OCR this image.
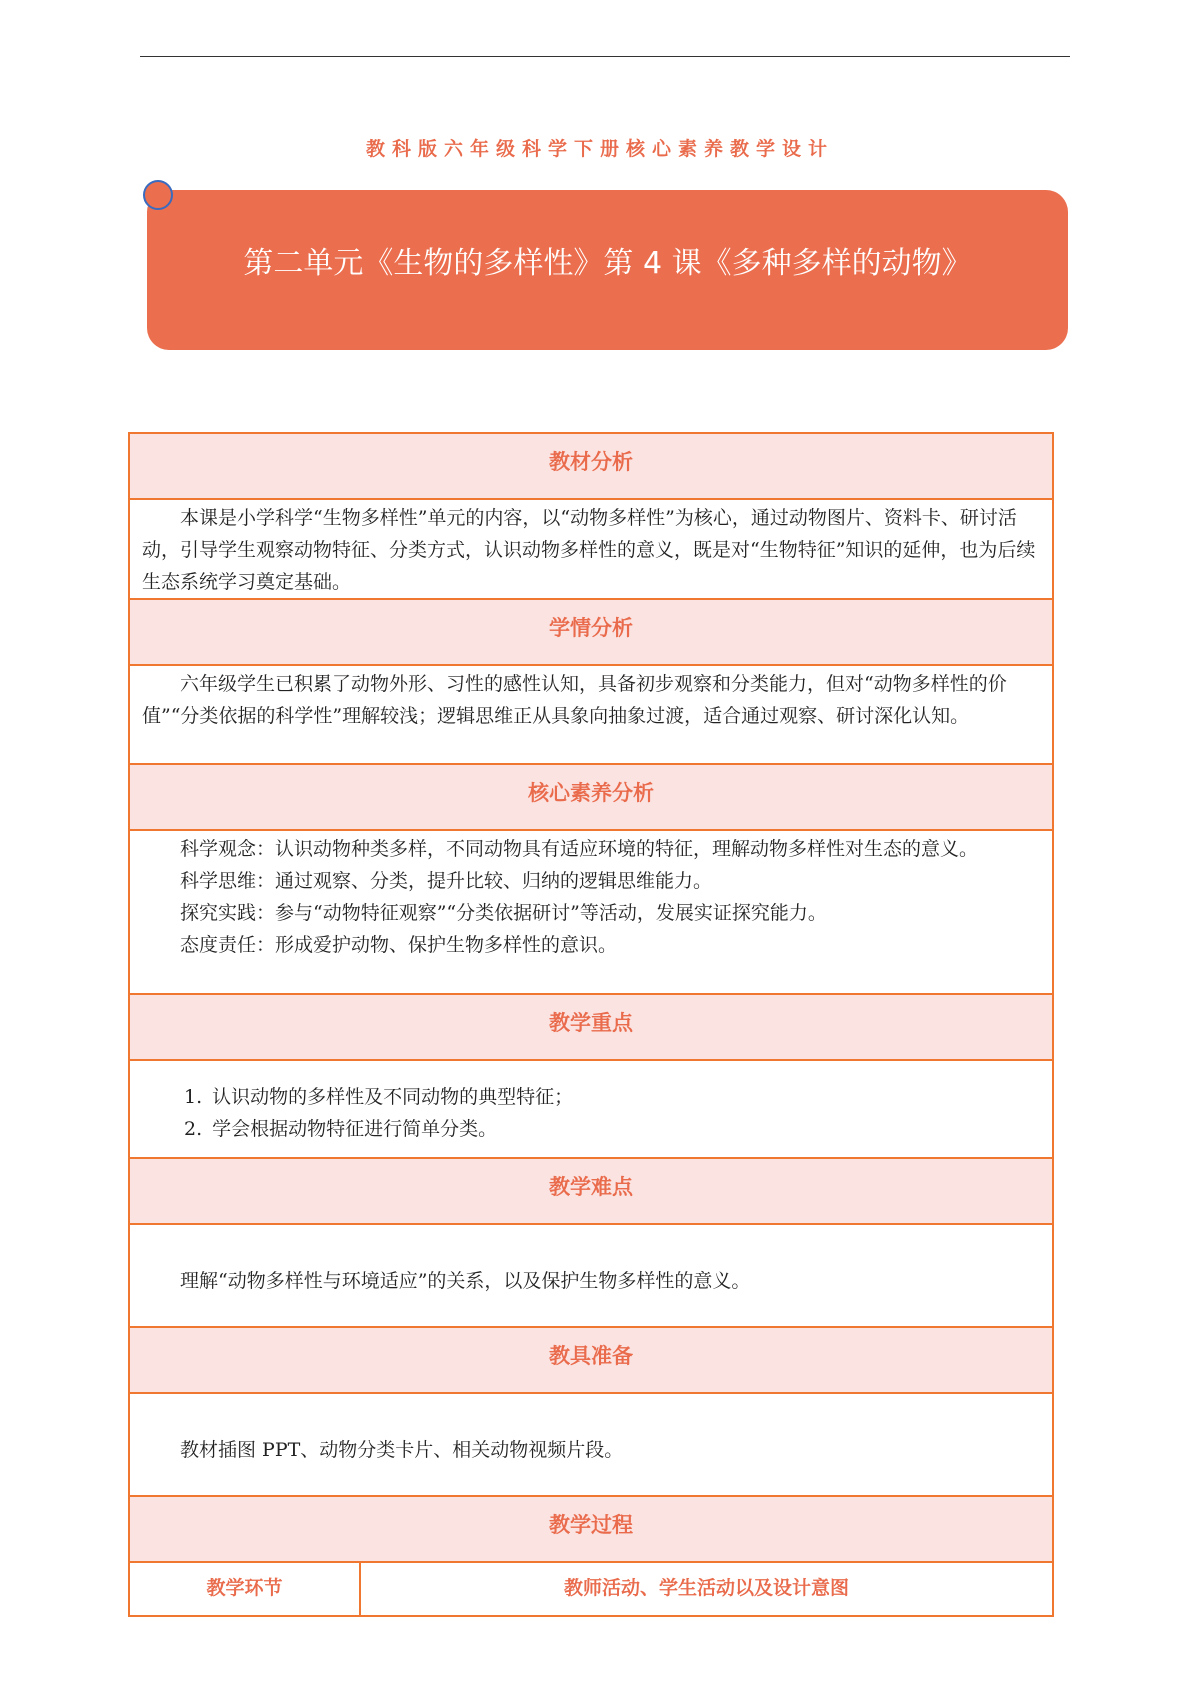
教科版六年级科学下册核心素养教学设计
第二单元《生物的多样性》第 4 课《多种多样的动物》
教材分析

本课是小学科学“生物多样性”单元的内容，以“动物多样性”为核心，通过动物图片、资料卡、研讨活动，引导学生观察动物特征、分类方式，认识动物多样性的意义，既是对“生物特征”知识的延伸，也为后续生态系统学习奠定基础。

学情分析

六年级学生已积累了动物外形、习性的感性认知，具备初步观察和分类能力，但对“动物多样性的价值”“分类依据的科学性”理解较浅；逻辑思维正从具象向抽象过渡，适合通过观察、研讨深化认知。

核心素养分析

科学观念：认识动物种类多样，不同动物具有适应环境的特征，理解动物多样性对生态的意义。

科学思维：通过观察、分类，提升比较、归纳的逻辑思维能力。

探究实践：参与“动物特征观察”“分类依据研讨”等活动，发展实证探究能力。

态度责任：形成爱护动物、保护生物多样性的意识。

教学重点

1. 认识动物的多样性及不同动物的典型特征；

2. 学会根据动物特征进行简单分类。

教学难点

理解“动物多样性与环境适应”的关系，以及保护生物多样性的意义。

教具准备

教材插图 PPT、动物分类卡片、相关动物视频片段。

教学过程
教学环节	教师活动、学生活动以及设计意图
